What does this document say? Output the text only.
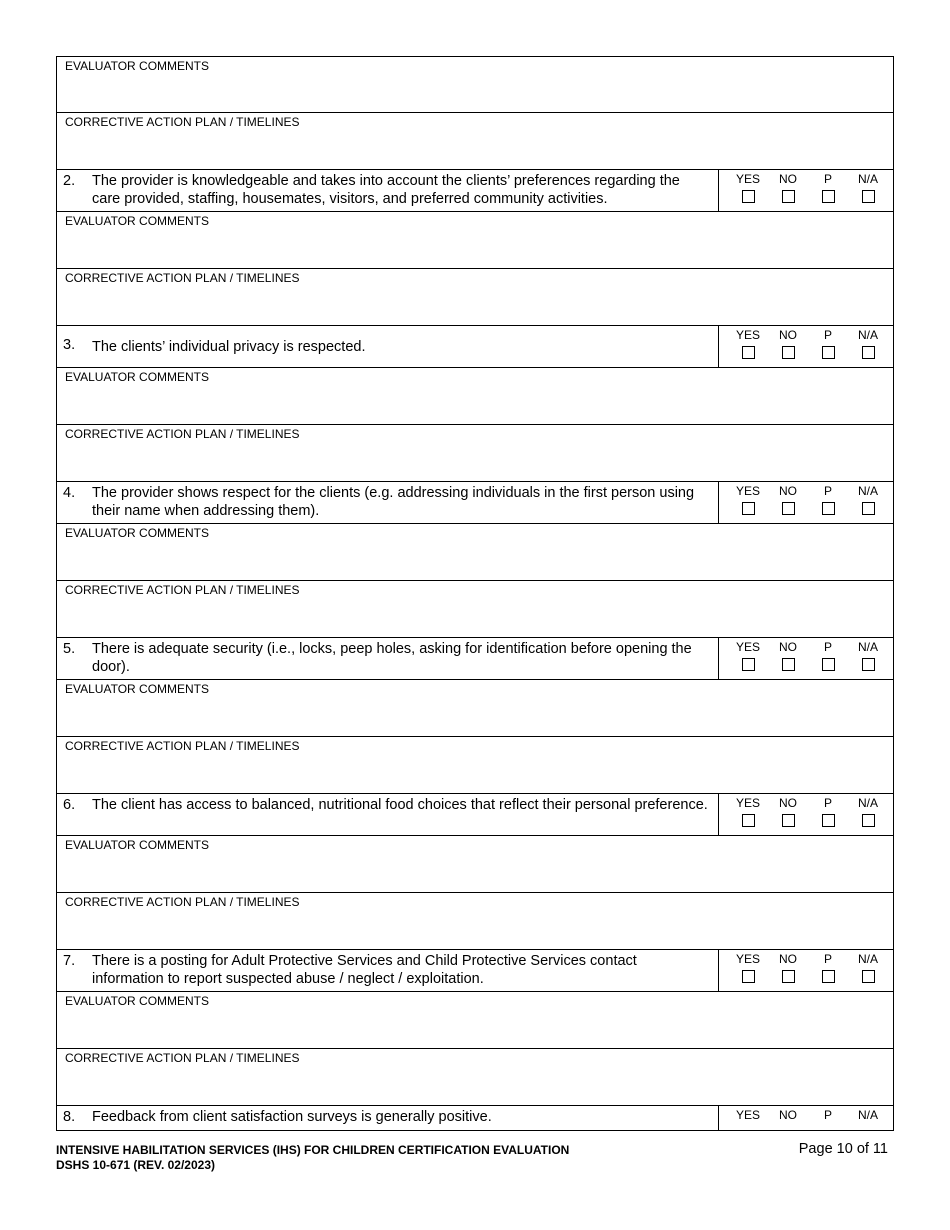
EVALUATOR COMMENTS
CORRECTIVE ACTION PLAN / TIMELINES
2. The provider is knowledgeable and takes into account the clients’ preferences regarding the care provided, staffing, housemates, visitors, and preferred community activities.
YES NO P N/A
EVALUATOR COMMENTS
CORRECTIVE ACTION PLAN / TIMELINES
3. The clients’ individual privacy is respected.
YES NO P N/A
EVALUATOR COMMENTS
CORRECTIVE ACTION PLAN / TIMELINES
4. The provider shows respect for the clients (e.g. addressing individuals in the first person using their name when addressing them).
YES NO P N/A
EVALUATOR COMMENTS
CORRECTIVE ACTION PLAN / TIMELINES
5. There is adequate security (i.e., locks, peep holes, asking for identification before opening the door).
YES NO P N/A
EVALUATOR COMMENTS
CORRECTIVE ACTION PLAN / TIMELINES
6. The client has access to balanced, nutritional food choices that reflect their personal preference.	YES NO P N/A
EVALUATOR COMMENTS
CORRECTIVE ACTION PLAN / TIMELINES
7. There is a posting for Adult Protective Services and Child Protective Services contact information to report suspected abuse / neglect / exploitation.
YES NO P N/A
EVALUATOR COMMENTS
CORRECTIVE ACTION PLAN / TIMELINES
8. Feedback from client satisfaction surveys is generally positive.	YES NO P N/A
INTENSIVE HABILITATION SERVICES (IHS) FOR CHILDREN CERTIFICATION EVALUATION
DSHS 10-671 (REV. 02/2023)
Page 10 of 11
